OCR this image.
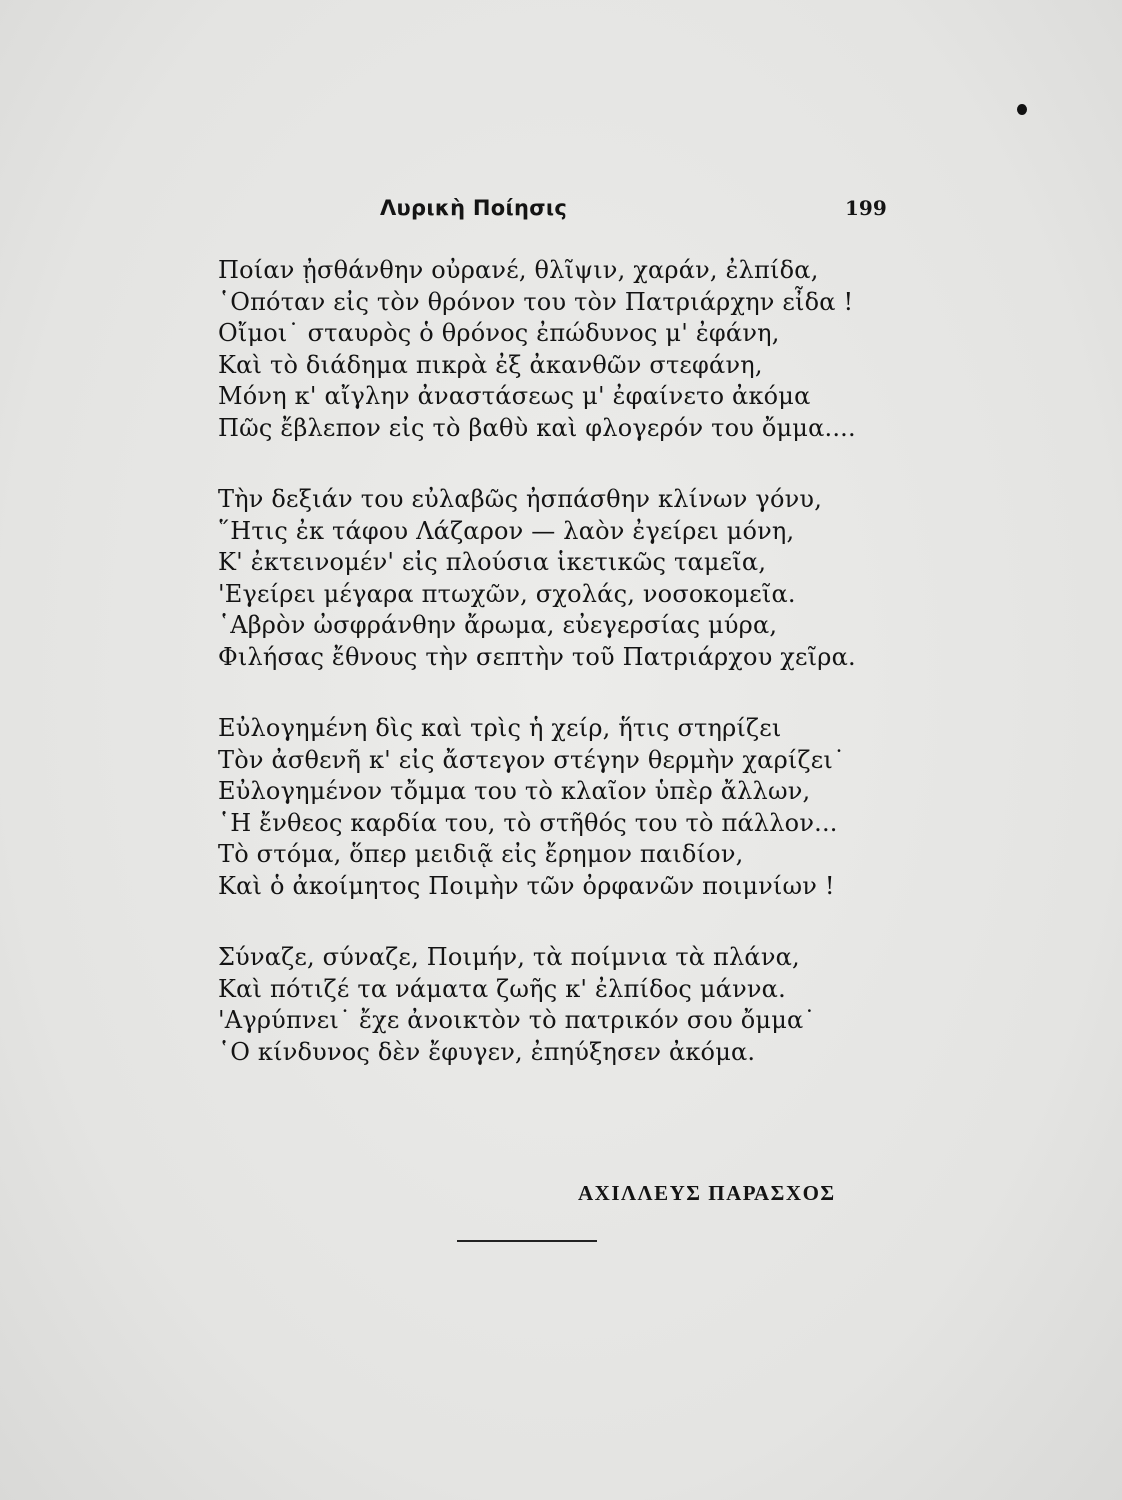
Λυρικὴ Ποίησις	199
Ποίαν ᾐσθάνθην οὐρανέ, θλῖψιν, χαράν, ἐλπίδα,
῾Οπόταν εἰς τὸν θρόνον του τὸν Πατριάρχην εἶδα !
Οἴμοι˙ σταυρὸς ὁ θρόνος ἐπώδυνος μ' ἐφάνη,
Καὶ τὸ διάδημα πικρὰ ἐξ ἀκανθῶν στεφάνη,
Μόνη κ' αἴγλην ἀναστάσεως μ' ἐφαίνετο ἀκόμα
Πῶς ἔβλεπον εἰς τὸ βαθὺ καὶ φλογερόν του ὄμμα....
Τὴν δεξιάν του εὐλαβῶς ἠσπάσθην κλίνων γόνυ,
῞Ητις ἐκ τάφου Λάζαρον — λαὸν ἐγείρει μόνη,
Κ' ἐκτεινομέν' εἰς πλούσια ἱκετικῶς ταμεῖα,
'Εγείρει μέγαρα πτωχῶν, σχολάς, νοσοκομεῖα.
῾Αβρὸν ὠσφράνθην ἄρωμα, εὐεγερσίας μύρα,
Φιλήσας ἔθνους τὴν σεπτὴν τοῦ Πατριάρχου χεῖρα.
Εὐλογημένη δὶς καὶ τρὶς ἡ χείρ, ἥτις στηρίζει
Τὸν ἀσθενῆ κ' εἰς ἄστεγον στέγην θερμὴν χαρίζει˙
Εὐλογημένον τὄμμα του τὸ κλαῖον ὑπὲρ ἄλλων,
῾Η ἔνθεος καρδία του, τὸ στῆθός του τὸ πάλλον...
Τὸ στόμα, ὅπερ μειδιᾷ εἰς ἔρημον παιδίον,
Καὶ ὁ ἀκοίμητος Ποιμὴν τῶν ὀρφανῶν ποιμνίων !
Σύναζε, σύναζε, Ποιμήν, τὰ ποίμνια τὰ πλάνα,
Καὶ πότιζέ τα νάματα ζωῆς κ' ἐλπίδος μάννα.
'Αγρύπνει˙ ἔχε ἀνοικτὸν τὸ πατρικόν σου ὄμμα˙
῾Ο κίνδυνος δὲν ἔφυγεν, ἐπηύξησεν ἀκόμα.
ΑΧΙΛΛΕΥΣ ΠΑΡΑΣΧΟΣ
